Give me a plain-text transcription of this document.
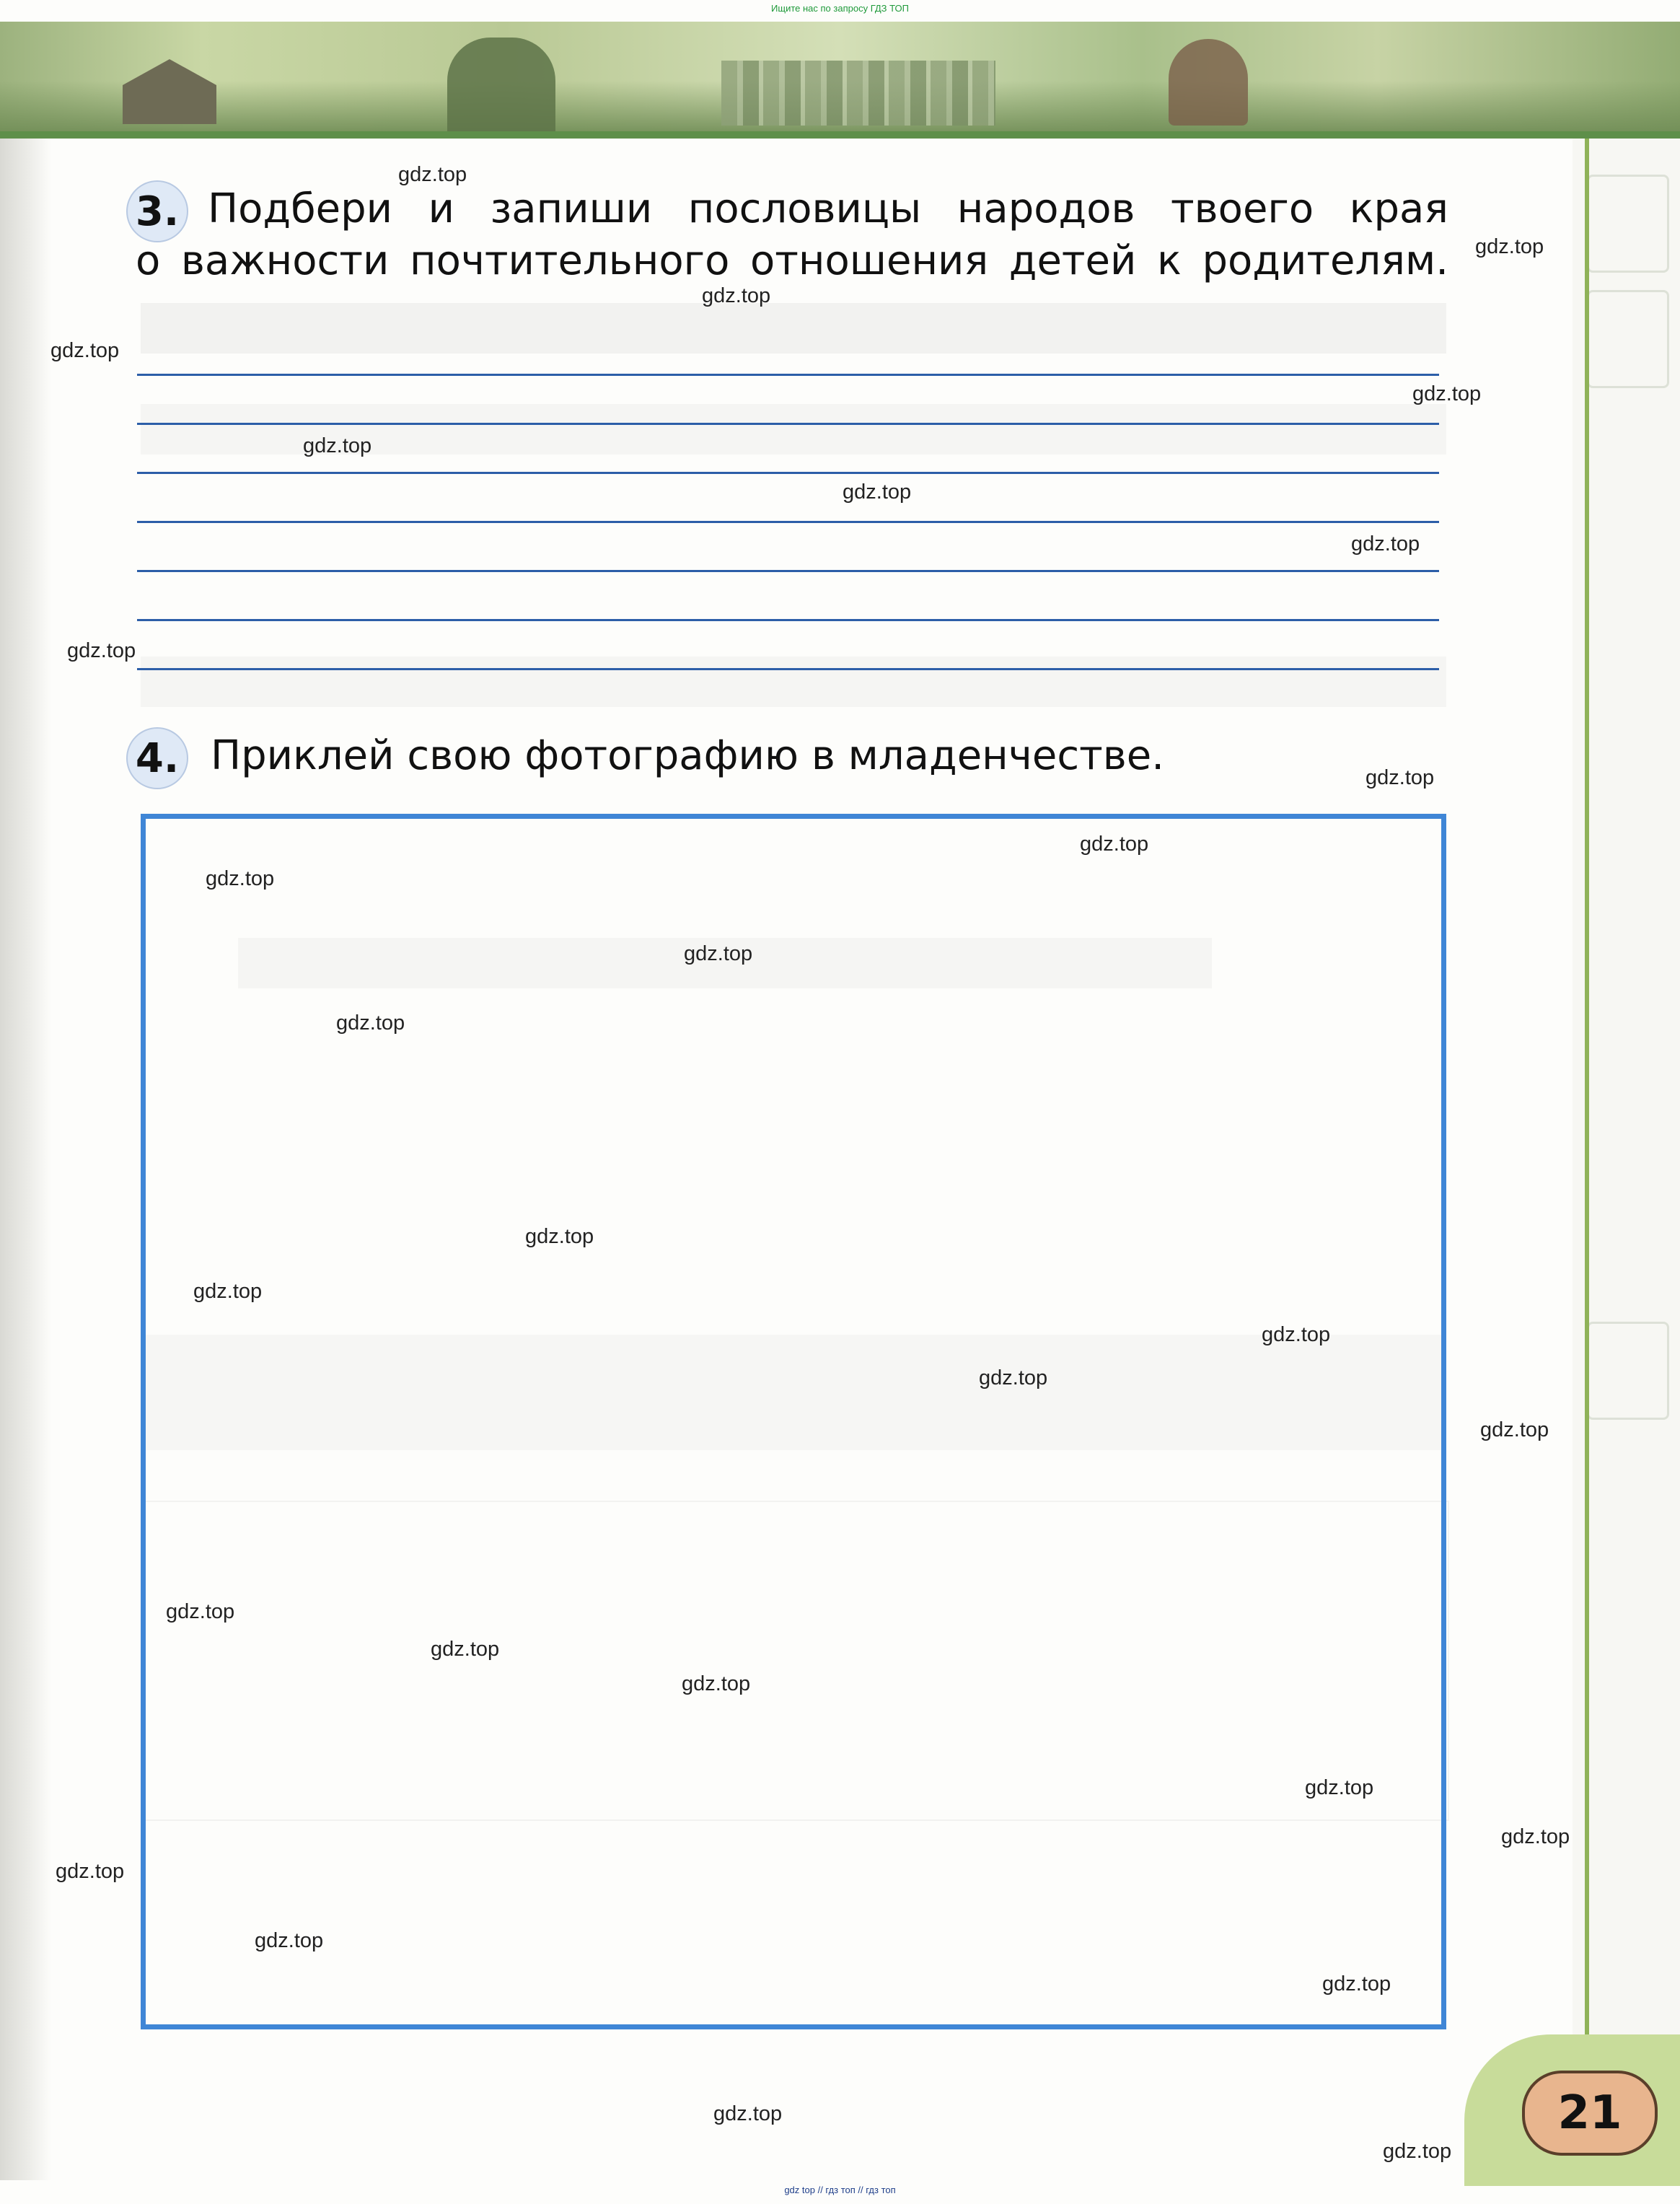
Ищите нас по запросу ГДЗ ТОП
3. Подбери и запиши пословицы народов твоего края
о важности почтительного отношения детей к родителям.
4. Приклей свою фотографию в младенчестве.
gdz.top
gdz.top
gdz.top
gdz.top
gdz.top
gdz.top
gdz.top
gdz.top
gdz.top
gdz.top
gdz.top
gdz.top
gdz.top
gdz.top
gdz.top
gdz.top
gdz.top
gdz.top
gdz.top
gdz.top
gdz.top
gdz.top
gdz.top
gdz.top
gdz.top
gdz.top
gdz.top
gdz.top
gdz.top
21
gdz top // гдз топ // гдз топ
